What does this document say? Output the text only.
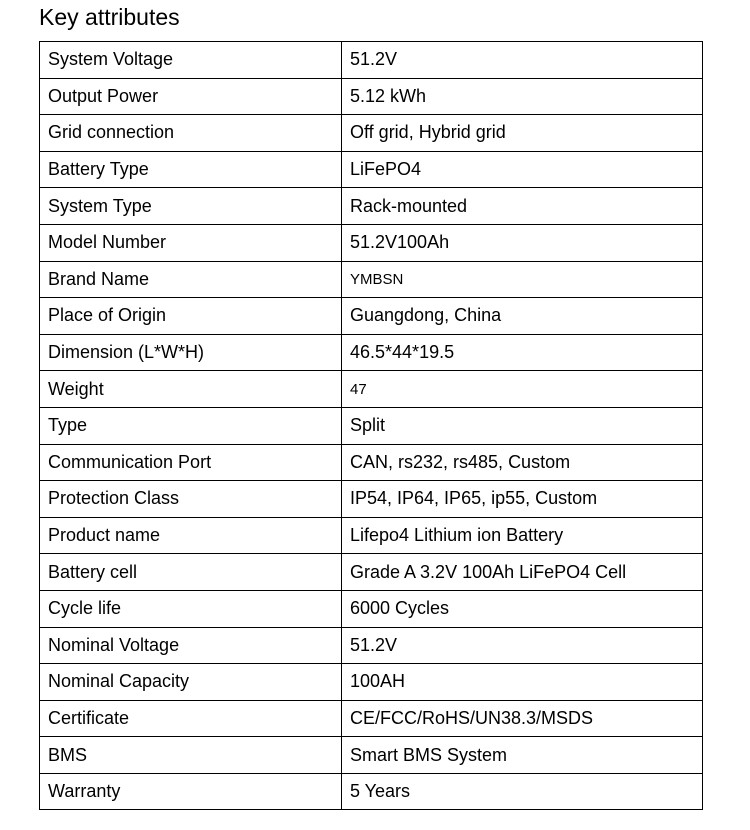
Key attributes
System Voltage	51.2V
Output Power	5.12 kWh
Grid connection	Off grid, Hybrid grid
Battery Type	LiFePO4
System Type	Rack-mounted
Model Number	51.2V100Ah
Brand Name	YMBSN
Place of Origin	Guangdong, China
Dimension (L*W*H)	46.5*44*19.5
Weight	47
Type	Split
Communication Port	CAN, rs232, rs485, Custom
Protection Class	IP54, IP64, IP65, ip55, Custom
Product name	Lifepo4 Lithium ion Battery
Battery cell	Grade A 3.2V 100Ah LiFePO4 Cell
Cycle life	6000 Cycles
Nominal Voltage	51.2V
Nominal Capacity	100AH
Certificate	CE/FCC/RoHS/UN38.3/MSDS
BMS	Smart BMS System
Warranty	5 Years
